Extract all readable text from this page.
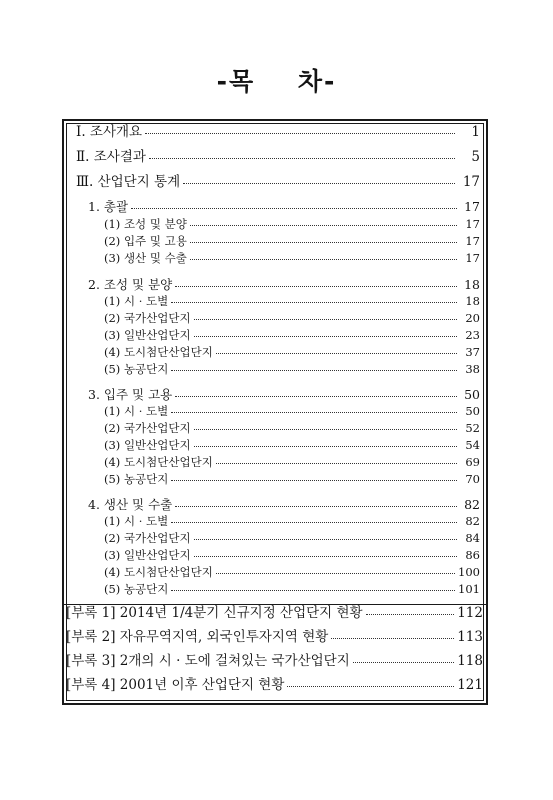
-목    차-
Ⅰ. 조사개요	1
Ⅱ. 조사결과	5
Ⅲ. 산업단지 통계	17
1. 총괄	17
(1) 조성 및 분양	17
(2) 입주 및 고용	17
(3) 생산 및 수출	17
2. 조성 및 분양	18
(1) 시 · 도별	18
(2) 국가산업단지	20
(3) 일반산업단지	23
(4) 도시첨단산업단지	37
(5) 농공단지	38
3. 입주 및 고용	50
(1) 시 · 도별	50
(2) 국가산업단지	52
(3) 일반산업단지	54
(4) 도시첨단산업단지	69
(5) 농공단지	70
4. 생산 및 수출	82
(1) 시 · 도별	82
(2) 국가산업단지	84
(3) 일반산업단지	86
(4) 도시첨단산업단지	100
(5) 농공단지	101
[부록 1] 2014년 1/4분기 신규지정 산업단지 현황	112
[부록 2] 자유무역지역, 외국인투자지역 현황	113
[부록 3] 2개의 시 · 도에 걸쳐있는 국가산업단지	118
[부록 4] 2001년 이후 산업단지 현황	121
